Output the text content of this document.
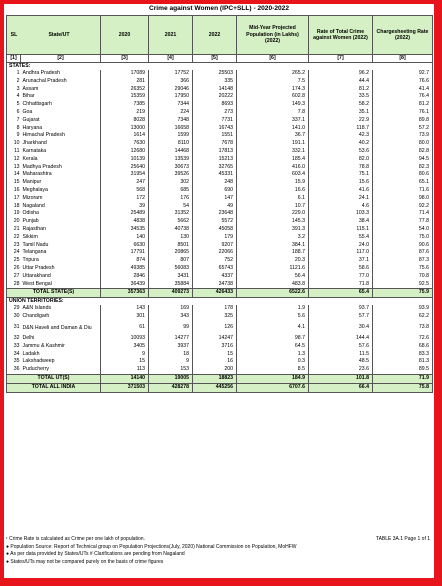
Crime against Women (IPC+SLL) - 2020-2022
SL State/UT		2020	2021	2022	Mid-Year Projected Population (in Lakhs) (2022)	Rate of Total Crime against Women (2022)	Chargesheeting Rate (2022)
[1]	[2]	[3]	[4]	[5]	[6]	[7]	[8]
STATES:							
1	Andhra Pradesh	17089	17752	25503	265.2	96.2	92.7
2	Arunachal Pradesh	281	366	335	7.5	44.4	76.6
3	Assam	26352	29046	14148	174.3	81.2	41.4
4	Bihar	15359	17950	20222	602.8	33.5	76.4
5	Chhattisgarh	7385	7344	8693	149.3	58.2	81.2
6	Goa	219	224	273	7.8	35.1	76.1
7	Gujarat	8028	7348	7731	337.1	22.9	89.8
8	Haryana	13000	16658	16743	141.0	118.7	57.2
9	Himachal Pradesh	1614	1599	1551	36.7	42.3	73.9
10	Jharkhand	7630	8110	7678	191.1	40.2	80.0
11	Karnataka	12680	14468	17813	332.1	53.6	82.8
12	Kerala	10139	13539	15213	185.4	82.0	94.5
13	Madhya Pradesh	25640	30673	32765	416.0	78.8	82.3
14	Maharashtra	31954	39526	45331	603.4	75.1	80.6
15	Manipur	247	302	248	15.9	15.6	65.1
16	Meghalaya	568	685	690	16.6	41.6	71.6
17	Mizoram	172	176	147	6.1	24.1	98.0
18	Nagaland	39	54	49	10.7	4.6	92.2
19	Odisha	25489	31352	23648	229.0	103.3	71.4
20	Punjab	4838	5662	5572	145.3	38.4	77.8
21	Rajasthan	34535	40738	45058	391.3	115.1	54.0
22	Sikkim	140	130	179	3.2	55.4	75.0
23	Tamil Nadu	6630	8501	9207	384.1	24.0	90.6
24	Telangana	17791	20865	22066	188.7	117.0	87.6
25	Tripura	874	807	752	20.3	37.1	87.3
26	Uttar Pradesh	49385	56083	65743	1121.6	58.6	75.6
27	Uttarakhand	2846	3431	4337	56.4	77.0	70.8
28	West Bengal	36439	35884	34738	483.8	71.8	92.5
TOTAL STATE(S)		357363	409273	426433	6522.6	65.4	75.9
UNION TERRITORIES:							
29	A&N Islands	143	169	178	1.9	93.7	93.9
30	Chandigarh	301	343	325	5.6	57.7	62.2
31	D&N Haveli and Daman & Diu	61	99	126	4.1	30.4	73.8
32	Delhi	10093	14277	14247	98.7	144.4	72.6
33	Jammu & Kashmir	3405	3937	3716	64.5	57.6	68.6
34	Ladakh	9	18	15	1.3	11.5	83.3
35	Lakshadweep	15	9	16	0.3	48.5	81.3
36	Puducherry	113	153	200	8.5	23.6	89.5
TOTAL UT(S)		14140	19005	18823	184.9	101.8	71.9
TOTAL ALL INDIA		371503	428278	445256	6707.6	66.4	75.8
¹ Crime Rate is calculated as Crime per one lakh of population.	TABLE 3A.1 Page 1 of 1
● Population Source: Report of Technical group on Population Projections(July, 2020) National Commission on Population, MoHFW
● As per data provided by States/UTs # Clarifications are pending from Nagaland
● States/UTs may not be compared purely on the basis of crime figures
